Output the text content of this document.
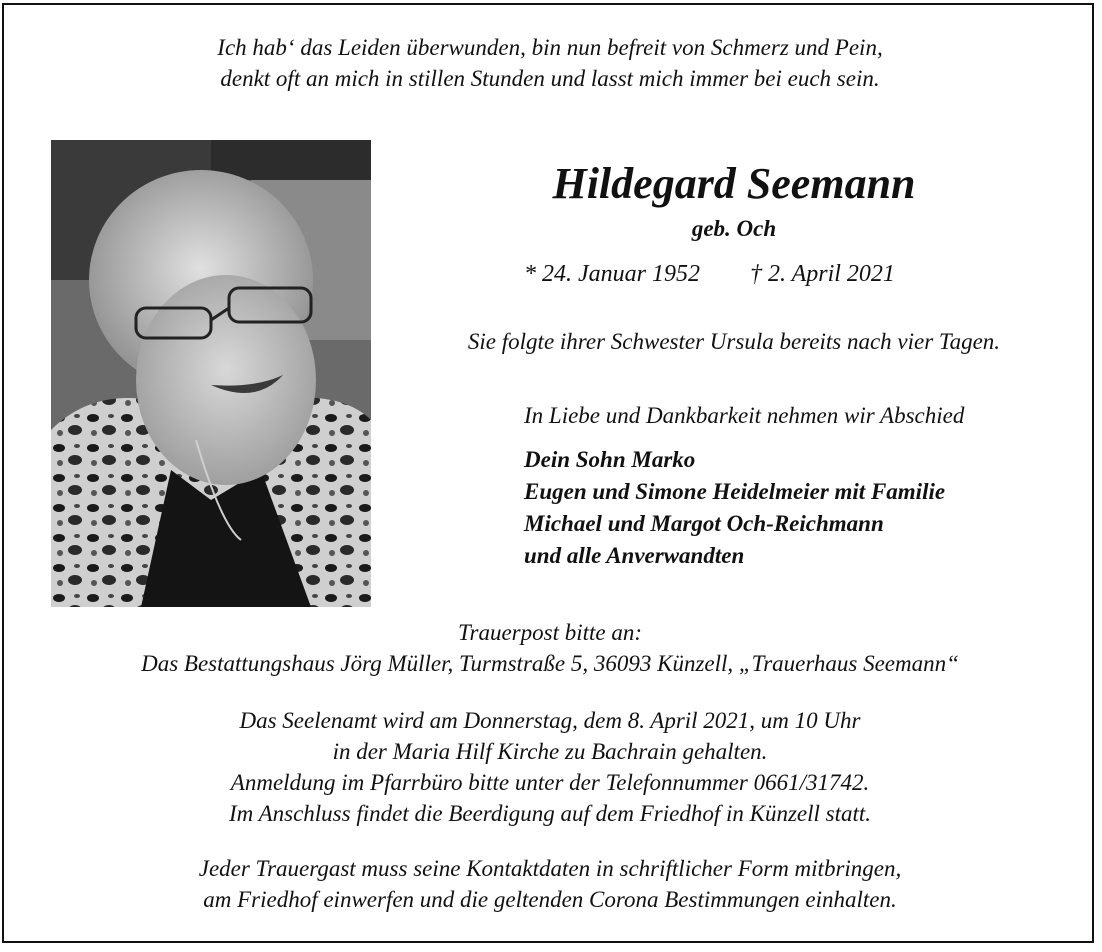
Ich hab‘ das Leiden überwunden, bin nun befreit von Schmerz und Pein,
denkt oft an mich in stillen Stunden und lasst mich immer bei euch sein.
Hildegard Seemann
geb. Och
* 24. Januar 1952 † 2. April 2021
Sie folgte ihrer Schwester Ursula bereits nach vier Tagen.
In Liebe und Dankbarkeit nehmen wir Abschied
Dein Sohn Marko
Eugen und Simone Heidelmeier mit Familie
Michael und Margot Och-Reichmann
und alle Anverwandten
Trauerpost bitte an:
Das Bestattungshaus Jörg Müller, Turmstraße 5, 36093 Künzell, „Trauerhaus Seemann“
Das Seelenamt wird am Donnerstag, dem 8. April 2021, um 10 Uhr
in der Maria Hilf Kirche zu Bachrain gehalten.
Anmeldung im Pfarrbüro bitte unter der Telefonnummer 0661/31742.
Im Anschluss findet die Beerdigung auf dem Friedhof in Künzell statt.
Jeder Trauergast muss seine Kontaktdaten in schriftlicher Form mitbringen,
am Friedhof einwerfen und die geltenden Corona Bestimmungen einhalten.
